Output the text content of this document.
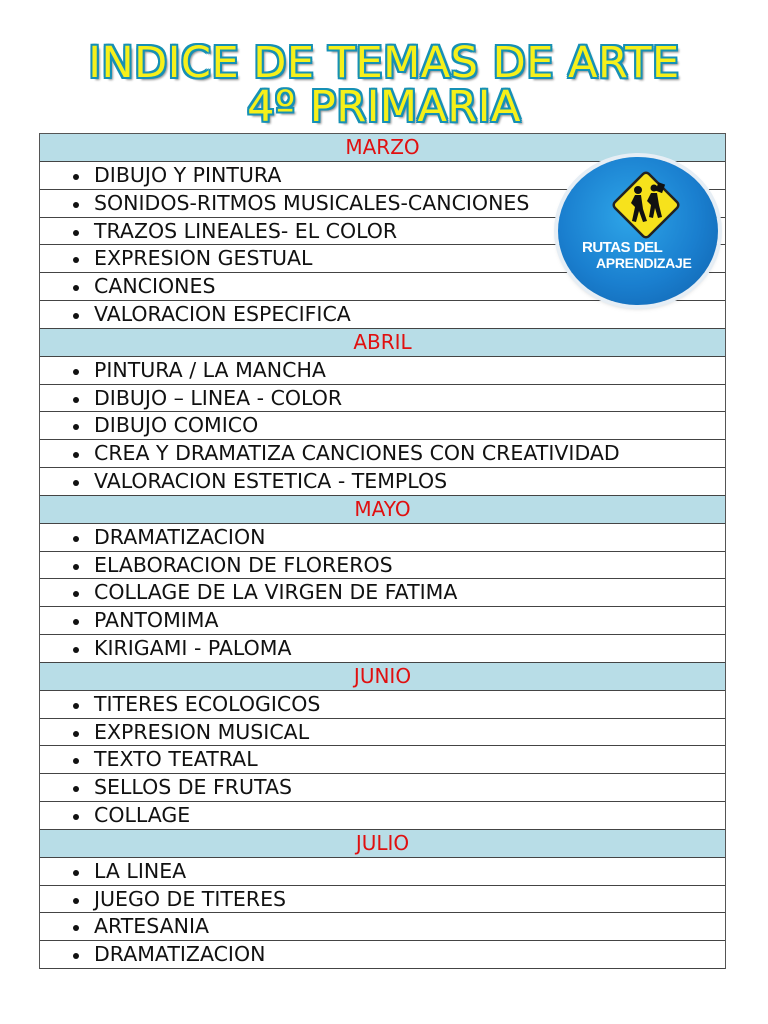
INDICE DE TEMAS DE ARTE
4º PRIMARIA
MARZO
DIBUJO Y PINTURA
SONIDOS-RITMOS MUSICALES-CANCIONES
TRAZOS LINEALES- EL COLOR
EXPRESION GESTUAL
CANCIONES
VALORACION ESPECIFICA
ABRIL
PINTURA / LA MANCHA
DIBUJO – LINEA - COLOR
DIBUJO COMICO
CREA Y DRAMATIZA CANCIONES CON CREATIVIDAD
VALORACION ESTETICA - TEMPLOS
MAYO
DRAMATIZACION
ELABORACION DE FLOREROS
COLLAGE DE LA VIRGEN DE FATIMA
PANTOMIMA
KIRIGAMI - PALOMA
JUNIO
TITERES ECOLOGICOS
EXPRESION MUSICAL
TEXTO TEATRAL
SELLOS DE FRUTAS
COLLAGE
JULIO
LA LINEA
JUEGO DE TITERES
ARTESANIA
DRAMATIZACION
RUTAS DEL
APRENDIZAJE
